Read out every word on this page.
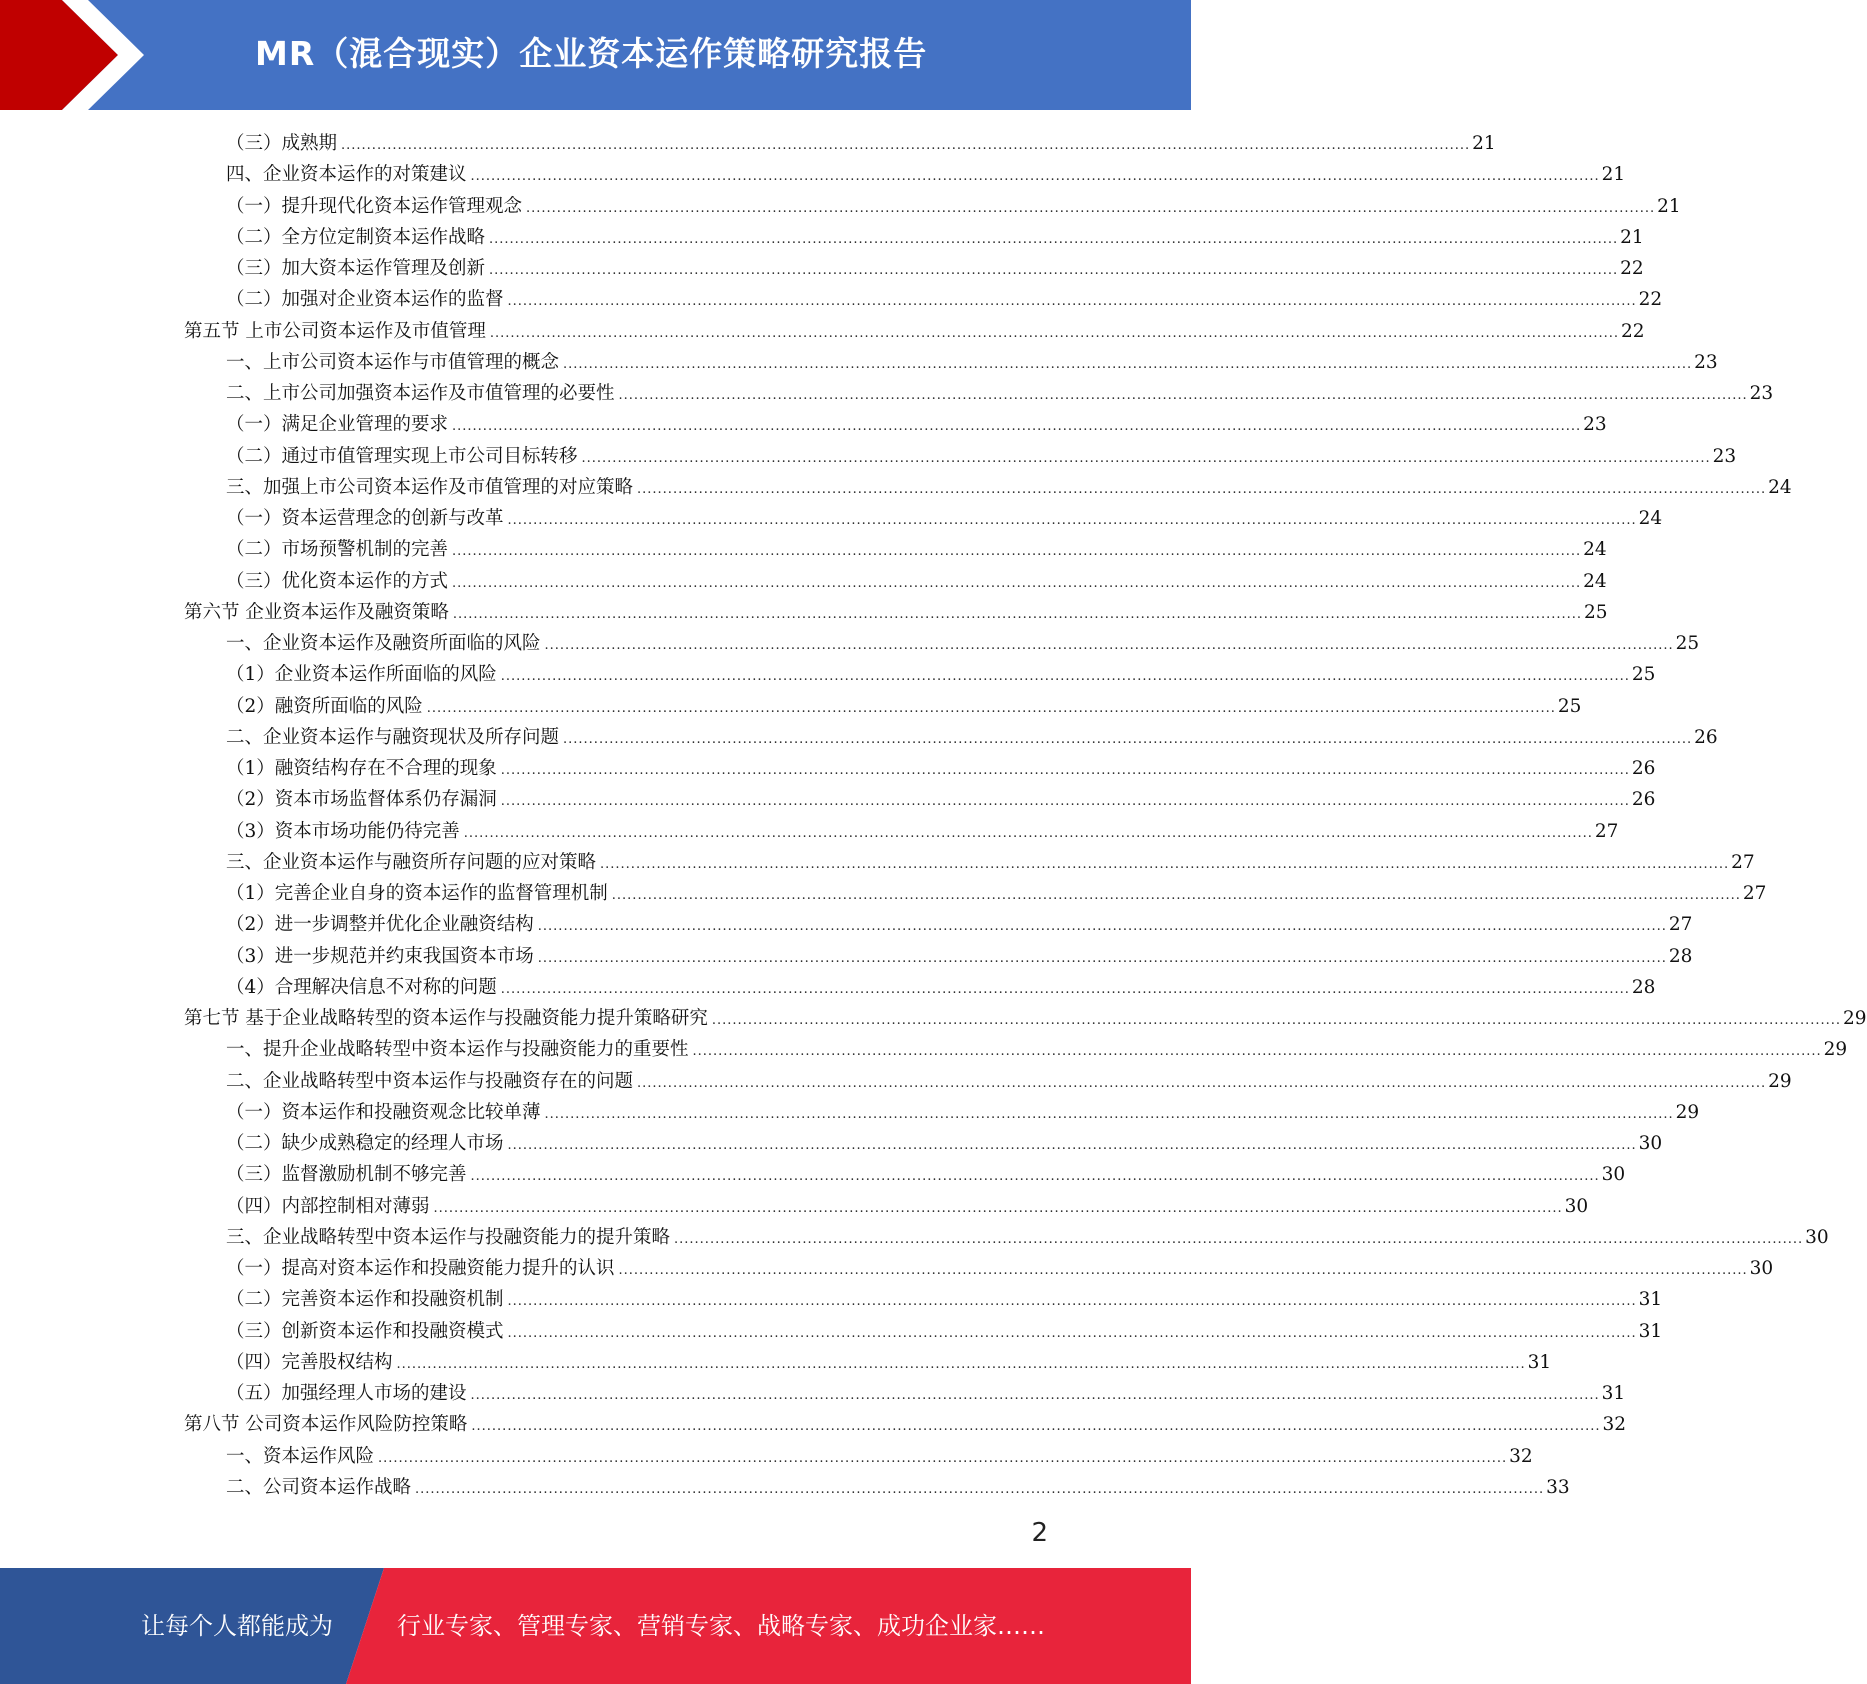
MR（混合现实）企业资本运作策略研究报告
（三）成熟期 ............................................................................................................................................................................................................................ 21
四、企业资本运作的对策建议 ............................................................................................................................................................................................................................ 21
（一）提升现代化资本运作管理观念 ............................................................................................................................................................................................................................ 21
（二）全方位定制资本运作战略 ............................................................................................................................................................................................................................ 21
（三）加大资本运作管理及创新 ............................................................................................................................................................................................................................ 22
（二）加强对企业资本运作的监督 ............................................................................................................................................................................................................................ 22
第五节 上市公司资本运作及市值管理 ............................................................................................................................................................................................................................ 22
一、上市公司资本运作与市值管理的概念 ............................................................................................................................................................................................................................ 23
二、上市公司加强资本运作及市值管理的必要性 ............................................................................................................................................................................................................................ 23
（一）满足企业管理的要求 ............................................................................................................................................................................................................................ 23
（二）通过市值管理实现上市公司目标转移 ............................................................................................................................................................................................................................ 23
三、加强上市公司资本运作及市值管理的对应策略 ............................................................................................................................................................................................................................ 24
（一）资本运营理念的创新与改革 ............................................................................................................................................................................................................................ 24
（二）市场预警机制的完善 ............................................................................................................................................................................................................................ 24
（三）优化资本运作的方式 ............................................................................................................................................................................................................................ 24
第六节 企业资本运作及融资策略 ............................................................................................................................................................................................................................ 25
一、企业资本运作及融资所面临的风险 ............................................................................................................................................................................................................................ 25
（1）企业资本运作所面临的风险 ............................................................................................................................................................................................................................ 25
（2）融资所面临的风险 ............................................................................................................................................................................................................................ 25
二、企业资本运作与融资现状及所存问题 ............................................................................................................................................................................................................................ 26
（1）融资结构存在不合理的现象 ............................................................................................................................................................................................................................ 26
（2）资本市场监督体系仍存漏洞 ............................................................................................................................................................................................................................ 26
（3）资本市场功能仍待完善 ............................................................................................................................................................................................................................ 27
三、企业资本运作与融资所存问题的应对策略 ............................................................................................................................................................................................................................ 27
（1）完善企业自身的资本运作的监督管理机制 ............................................................................................................................................................................................................................ 27
（2）进一步调整并优化企业融资结构 ............................................................................................................................................................................................................................ 27
（3）进一步规范并约束我国资本市场 ............................................................................................................................................................................................................................ 28
（4）合理解决信息不对称的问题 ............................................................................................................................................................................................................................ 28
第七节 基于企业战略转型的资本运作与投融资能力提升策略研究 ............................................................................................................................................................................................................................ 29
一、提升企业战略转型中资本运作与投融资能力的重要性 ............................................................................................................................................................................................................................ 29
二、企业战略转型中资本运作与投融资存在的问题 ............................................................................................................................................................................................................................ 29
（一）资本运作和投融资观念比较单薄 ............................................................................................................................................................................................................................ 29
（二）缺少成熟稳定的经理人市场 ............................................................................................................................................................................................................................ 30
（三）监督激励机制不够完善 ............................................................................................................................................................................................................................ 30
（四）内部控制相对薄弱 ............................................................................................................................................................................................................................ 30
三、企业战略转型中资本运作与投融资能力的提升策略 ............................................................................................................................................................................................................................ 30
（一）提高对资本运作和投融资能力提升的认识 ............................................................................................................................................................................................................................ 30
（二）完善资本运作和投融资机制 ............................................................................................................................................................................................................................ 31
（三）创新资本运作和投融资模式 ............................................................................................................................................................................................................................ 31
（四）完善股权结构 ............................................................................................................................................................................................................................ 31
（五）加强经理人市场的建设 ............................................................................................................................................................................................................................ 31
第八节 公司资本运作风险防控策略 ............................................................................................................................................................................................................................ 32
一、资本运作风险 ............................................................................................................................................................................................................................ 32
二、公司资本运作战略 ............................................................................................................................................................................................................................ 33
2
让每个人都能成为	行业专家、管理专家、营销专家、战略专家、成功企业家……
